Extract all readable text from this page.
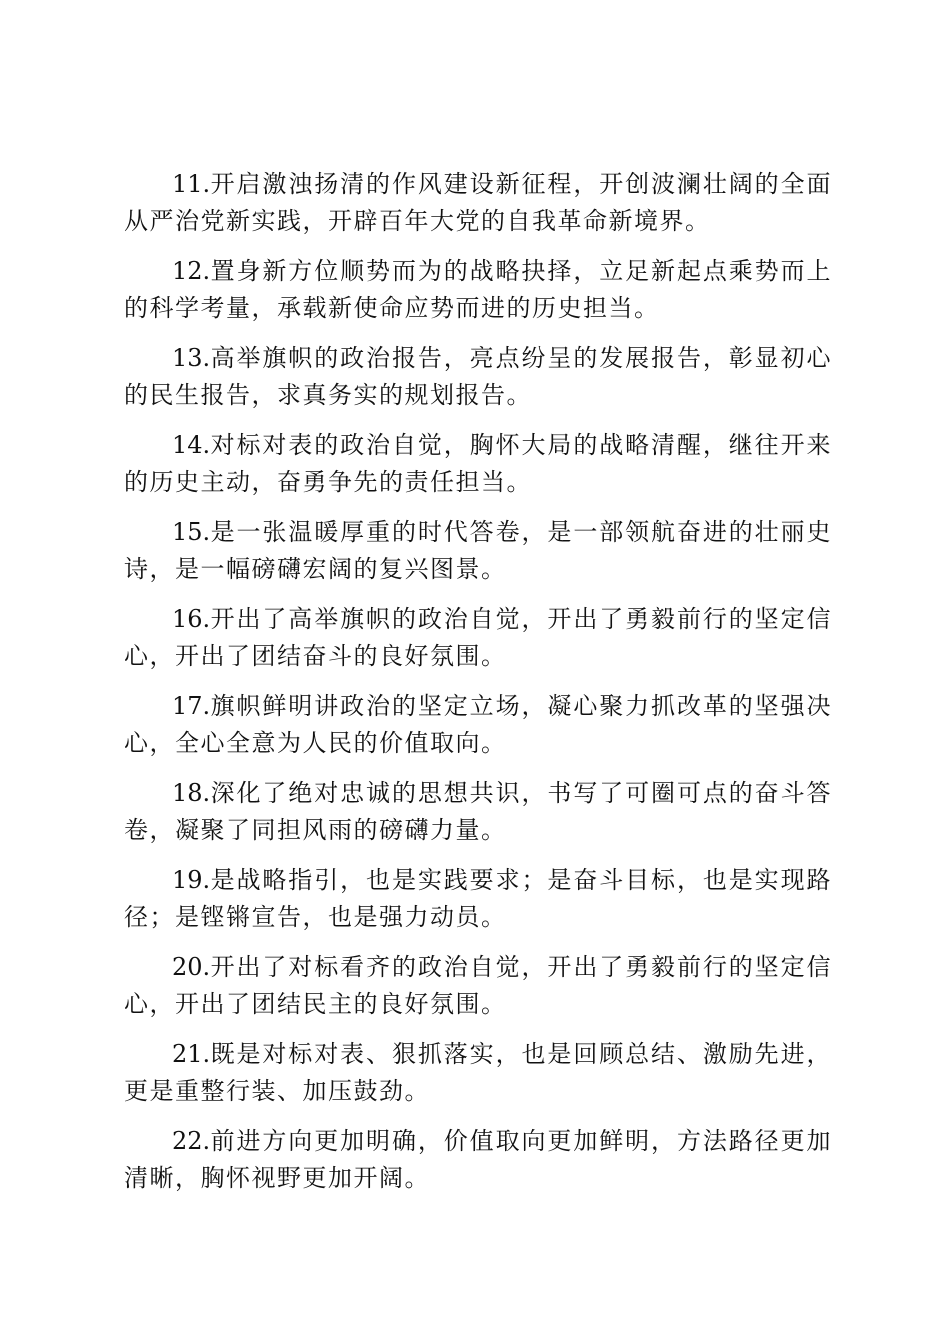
11.开启激浊扬清的作风建设新征程，开创波澜壮阔的全面从严治党新实践，开辟百年大党的自我革命新境界。

12.置身新方位顺势而为的战略抉择，立足新起点乘势而上的科学考量，承载新使命应势而进的历史担当。

13.高举旗帜的政治报告，亮点纷呈的发展报告，彰显初心的民生报告，求真务实的规划报告。

14.对标对表的政治自觉，胸怀大局的战略清醒，继往开来的历史主动，奋勇争先的责任担当。

15.是一张温暖厚重的时代答卷，是一部领航奋进的壮丽史诗，是一幅磅礴宏阔的复兴图景。

16.开出了高举旗帜的政治自觉，开出了勇毅前行的坚定信心，开出了团结奋斗的良好氛围。

17.旗帜鲜明讲政治的坚定立场，凝心聚力抓改革的坚强决心，全心全意为人民的价值取向。

18.深化了绝对忠诚的思想共识，书写了可圈可点的奋斗答卷，凝聚了同担风雨的磅礴力量。

19.是战略指引，也是实践要求；是奋斗目标，也是实现路径；是铿锵宣告，也是强力动员。

20.开出了对标看齐的政治自觉，开出了勇毅前行的坚定信心，开出了团结民主的良好氛围。

21.既是对标对表、狠抓落实，也是回顾总结、激励先进，更是重整行装、加压鼓劲。

22.前进方向更加明确，价值取向更加鲜明，方法路径更加清晰，胸怀视野更加开阔。
